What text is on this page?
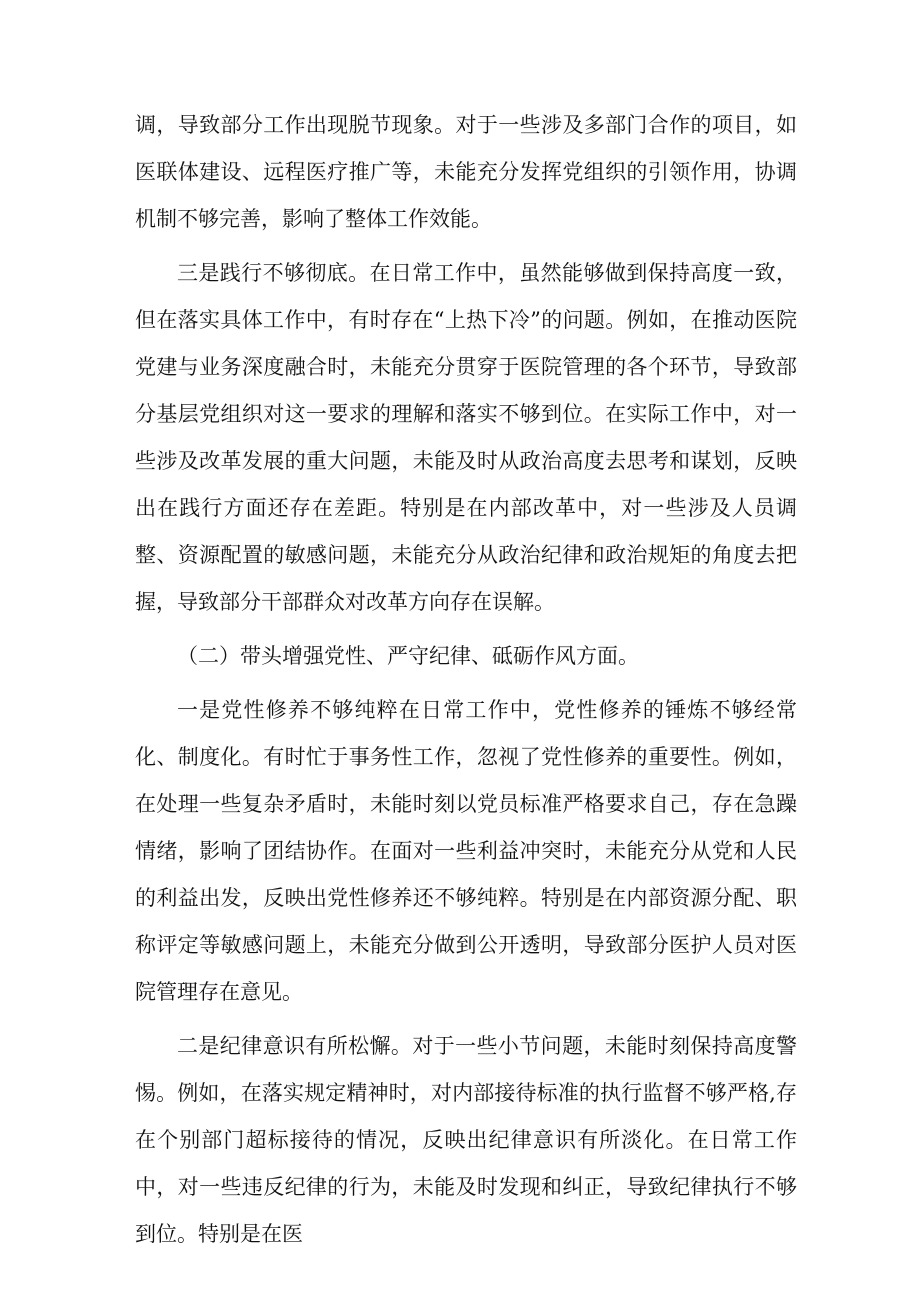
调，导致部分工作出现脱节现象。对于一些涉及多部门合作的项目，如医联体建设、远程医疗推广等，未能充分发挥党组织的引领作用，协调机制不够完善，影响了整体工作效能。

三是践行不够彻底。在日常工作中，虽然能够做到保持高度一致，但在落实具体工作中，有时存在“上热下冷”的问题。例如，在推动医院党建与业务深度融合时，未能充分贯穿于医院管理的各个环节，导致部分基层党组织对这一要求的理解和落实不够到位。在实际工作中，对一些涉及改革发展的重大问题，未能及时从政治高度去思考和谋划，反映出在践行方面还存在差距。特别是在内部改革中，对一些涉及人员调整、资源配置的敏感问题，未能充分从政治纪律和政治规矩的角度去把握，导致部分干部群众对改革方向存在误解。

（二）带头增强党性、严守纪律、砥砺作风方面。

一是党性修养不够纯粹在日常工作中，党性修养的锤炼不够经常化、制度化。有时忙于事务性工作，忽视了党性修养的重要性。例如，在处理一些复杂矛盾时，未能时刻以党员标准严格要求自己，存在急躁情绪，影响了团结协作。在面对一些利益冲突时，未能充分从党和人民的利益出发，反映出党性修养还不够纯粹。特别是在内部资源分配、职称评定等敏感问题上，未能充分做到公开透明，导致部分医护人员对医院管理存在意见。

二是纪律意识有所松懈。对于一些小节问题，未能时刻保持高度警惕。例如，在落实规定精神时，对内部接待标准的执行监督不够严格,存在个别部门超标接待的情况，反映出纪律意识有所淡化。在日常工作中，对一些违反纪律的行为，未能及时发现和纠正，导致纪律执行不够到位。特别是在医
